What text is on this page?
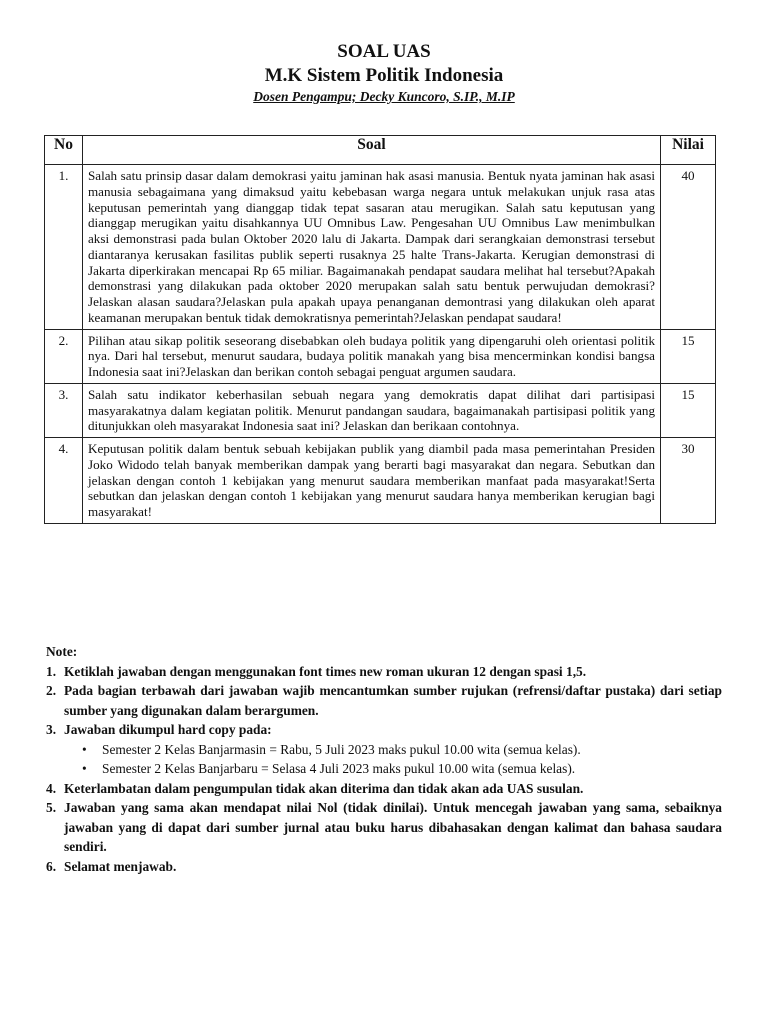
SOAL UAS
M.K Sistem Politik Indonesia
Dosen Pengampu; Decky Kuncoro, S.IP., M.IP
No	Soal	Nilai
1.	Salah satu prinsip dasar dalam demokrasi yaitu jaminan hak asasi manusia. Bentuk nyata jaminan hak asasi manusia sebagaimana yang dimaksud yaitu kebebasan warga negara untuk melakukan unjuk rasa atas keputusan pemerintah yang dianggap tidak tepat sasaran atau merugikan. Salah satu keputusan yang dianggap merugikan yaitu disahkannya UU Omnibus Law. Pengesahan UU Omnibus Law menimbulkan aksi demonstrasi pada bulan Oktober 2020 lalu di Jakarta. Dampak dari serangkaian demonstrasi tersebut diantaranya kerusakan fasilitas publik seperti rusaknya 25 halte Trans-Jakarta. Kerugian demonstrasi di Jakarta diperkirakan mencapai Rp 65 miliar. Bagaimanakah pendapat saudara melihat hal tersebut?Apakah demonstrasi yang dilakukan pada oktober 2020 merupakan salah satu bentuk perwujudan demokrasi?Jelaskan alasan saudara?Jelaskan pula apakah upaya penanganan demontrasi yang dilakukan oleh aparat keamanan merupakan bentuk tidak demokratisnya pemerintah?Jelaskan pendapat saudara!	40
2.	Pilihan atau sikap politik seseorang disebabkan oleh budaya politik yang dipengaruhi oleh orientasi politik nya. Dari hal tersebut, menurut saudara, budaya politik manakah yang bisa mencerminkan kondisi bangsa Indonesia saat ini?Jelaskan dan berikan contoh sebagai penguat argumen saudara.	15
3.	Salah satu indikator keberhasilan sebuah negara yang demokratis dapat dilihat dari partisipasi masyarakatnya dalam kegiatan politik. Menurut pandangan saudara, bagaimanakah partisipasi politik yang ditunjukkan oleh masyarakat Indonesia saat ini? Jelaskan dan berikaan contohnya.	15
4.	Keputusan politik dalam bentuk sebuah kebijakan publik yang diambil pada masa pemerintahan Presiden Joko Widodo telah banyak memberikan dampak yang berarti bagi masyarakat dan negara. Sebutkan dan jelaskan dengan contoh 1 kebijakan yang menurut saudara memberikan manfaat pada masyarakat!Serta sebutkan dan jelaskan dengan contoh 1 kebijakan yang menurut saudara hanya memberikan kerugian bagi masyarakat!	30
Note:
1. Ketiklah jawaban dengan menggunakan font times new roman ukuran 12 dengan spasi 1,5.
2. Pada bagian terbawah dari jawaban wajib mencantumkan sumber rujukan (refrensi/daftar pustaka) dari setiap sumber yang digunakan dalam berargumen.
3. Jawaban dikumpul hard copy pada:
• Semester 2 Kelas Banjarmasin = Rabu, 5 Juli 2023 maks pukul 10.00 wita (semua kelas).
• Semester 2 Kelas Banjarbaru = Selasa 4 Juli 2023 maks pukul 10.00 wita (semua kelas).
4. Keterlambatan dalam pengumpulan tidak akan diterima dan tidak akan ada UAS susulan.
5. Jawaban yang sama akan mendapat nilai Nol (tidak dinilai). Untuk mencegah jawaban yang sama, sebaiknya jawaban yang di dapat dari sumber jurnal atau buku harus dibahasakan dengan kalimat dan bahasa saudara sendiri.
6. Selamat menjawab.
